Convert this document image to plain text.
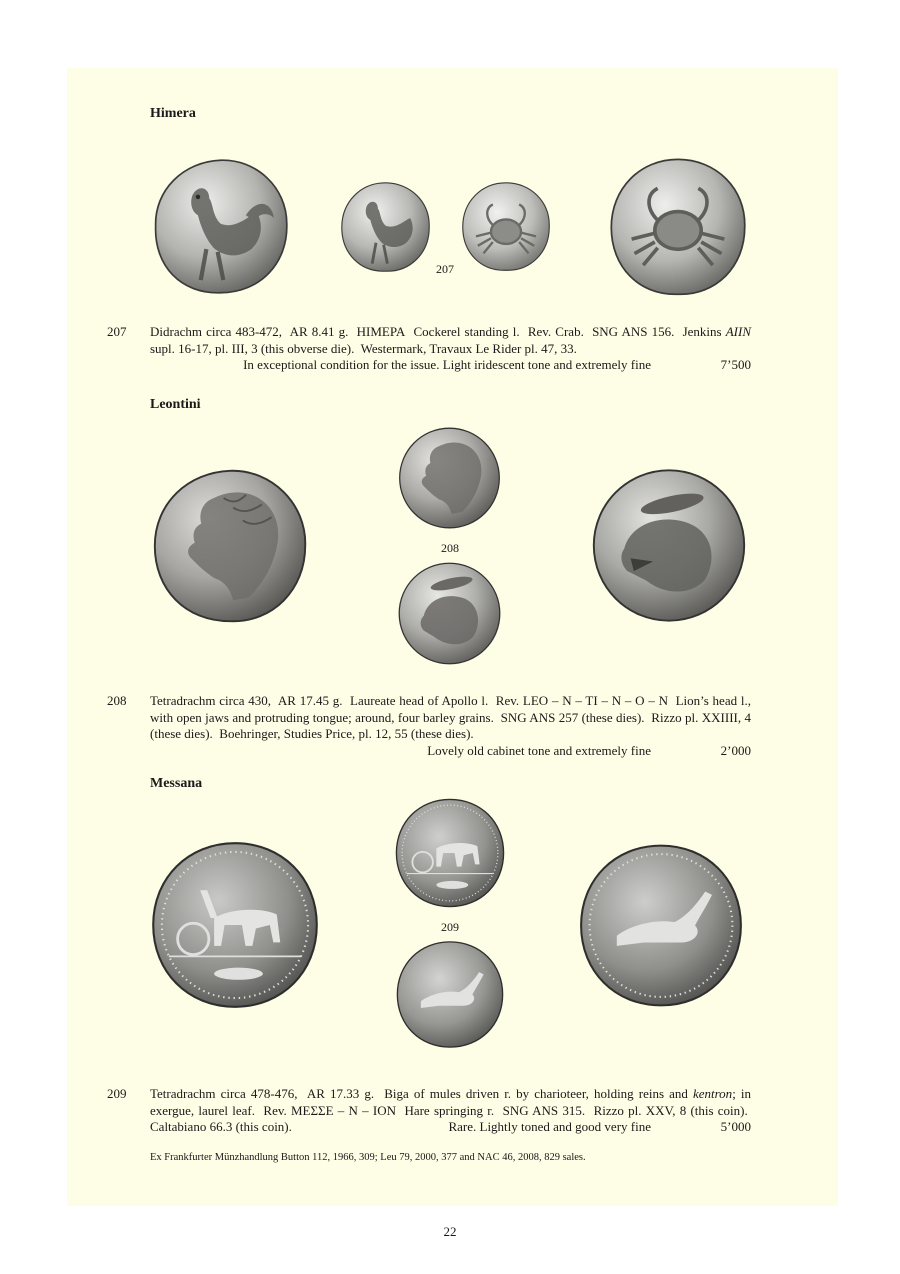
Himera
207
207 Didrachm circa 483-472,  AR 8.41 g.  HIMEPA  Cockerel standing l.  Rev. Crab.  SNG ANS 156.  Jenkins AIIN supl. 16-17, pl. III, 3 (this obverse die).  Westermark, Travaux Le Rider pl. 47, 33.

In exceptional condition for the issue. Light iridescent tone and extremely fine	7’500
Leontini
208
208 Tetradrachm circa 430,  AR 17.45 g.  Laureate head of Apollo l.  Rev. LEO – N – TI – N – O – N  Lion’s head l., with open jaws and protruding tongue; around, four barley grains.  SNG ANS 257 (these dies).  Rizzo pl. XXIIII, 4 (these dies).  Boehringer, Studies Price, pl. 12, 55 (these dies).

Lovely old cabinet tone and extremely fine	2’000
Messana
209
209 Tetradrachm circa 478-476,  AR 17.33 g.  Biga of mules driven r. by charioteer, holding reins and kentron; in exergue, laurel leaf.  Rev. ΜΕΣΣΕ – N – ION  Hare springing r.  SNG ANS 315.  Rizzo pl. XXV, 8 (this coin).  Caltabiano 66.3 (this coin).	Rare. Lightly toned and good very fine	5’000
Ex Frankfurter Münzhandlung Button 112, 1966, 309; Leu 79, 2000, 377 and NAC 46, 2008, 829 sales.
22
